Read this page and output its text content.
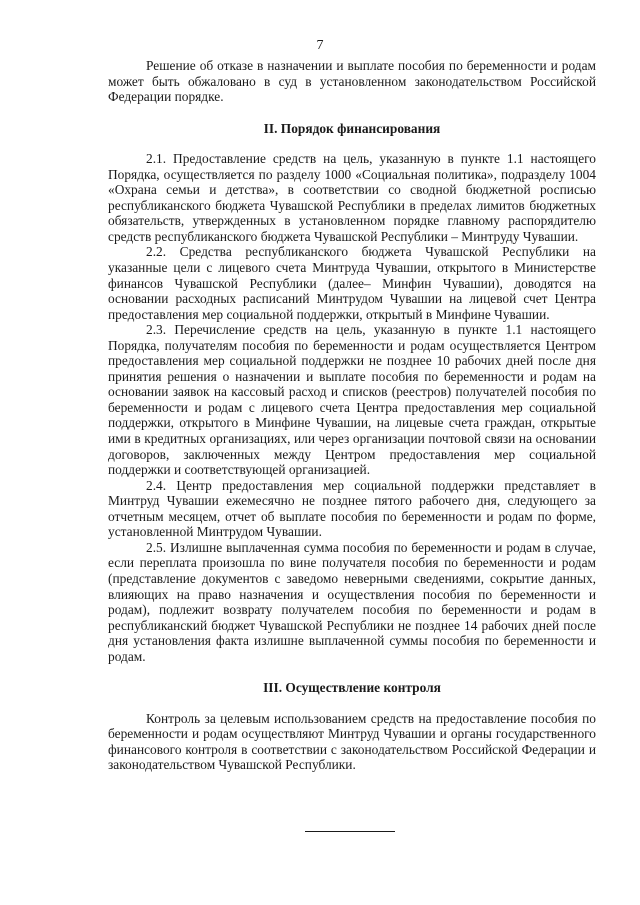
7

Решение об отказе в назначении и выплате пособия по беременности и родам может быть обжаловано в суд в установленном законодательством Российской Федерации порядке.

II. Порядок финансирования

2.1. Предоставление средств на цель, указанную в пункте 1.1 настоящего Порядка, осуществляется по разделу 1000 «Социальная политика», подразделу 1004 «Охрана семьи и детства», в соответствии со сводной бюджетной росписью республиканского бюджета Чувашской Республики в пределах лимитов бюджетных обязательств, утвержденных в установленном порядке главному распорядителю средств республиканского бюджета Чувашской Республики – Минтруду Чувашии.

2.2. Средства республиканского бюджета Чувашской Республики на указанные цели с лицевого счета Минтруда Чувашии, открытого в Министерстве финансов Чувашской Республики (далее– Минфин Чувашии), доводятся на основании расходных расписаний Минтрудом Чувашии на лицевой счет Центра предоставления мер социальной поддержки, открытый в Минфине Чувашии.

2.3. Перечисление средств на цель, указанную в пункте 1.1 настоящего Порядка, получателям пособия по беременности и родам осуществляется Центром предоставления мер социальной поддержки не позднее 10 рабочих дней после дня принятия решения о назначении и выплате пособия по беременности и родам на основании заявок на кассовый расход и списков (реестров) получателей пособия по беременности и родам с лицевого счета Центра предоставления мер социальной поддержки, открытого в Минфине Чувашии, на лицевые счета граждан, открытые ими в кредитных организациях, или через организации почтовой связи на основании договоров, заключенных между Центром предоставления мер социальной поддержки и соответствующей организацией.

2.4. Центр предоставления мер социальной поддержки представляет в Минтруд Чувашии ежемесячно не позднее пятого рабочего дня, следующего за отчетным месяцем, отчет об выплате пособия по беременности и родам по форме, установленной Минтрудом Чувашии.

2.5. Излишне выплаченная сумма пособия по беременности и родам в случае, если переплата произошла по вине получателя пособия по беременности и родам (представление документов с заведомо неверными сведениями, сокрытие данных, влияющих на право назначения и осуществления пособия по беременности и родам), подлежит возврату получателем пособия по беременности и родам в республиканский бюджет Чувашской Республики не позднее 14 рабочих дней после дня установления факта излишне выплаченной суммы пособия по беременности и родам.

III. Осуществление контроля

Контроль за целевым использованием средств на предоставление пособия по беременности и родам осуществляют Минтруд Чувашии и органы государственного финансового контроля в соответствии с законодательством Российской Федерации и законодательством Чувашской Республики.
